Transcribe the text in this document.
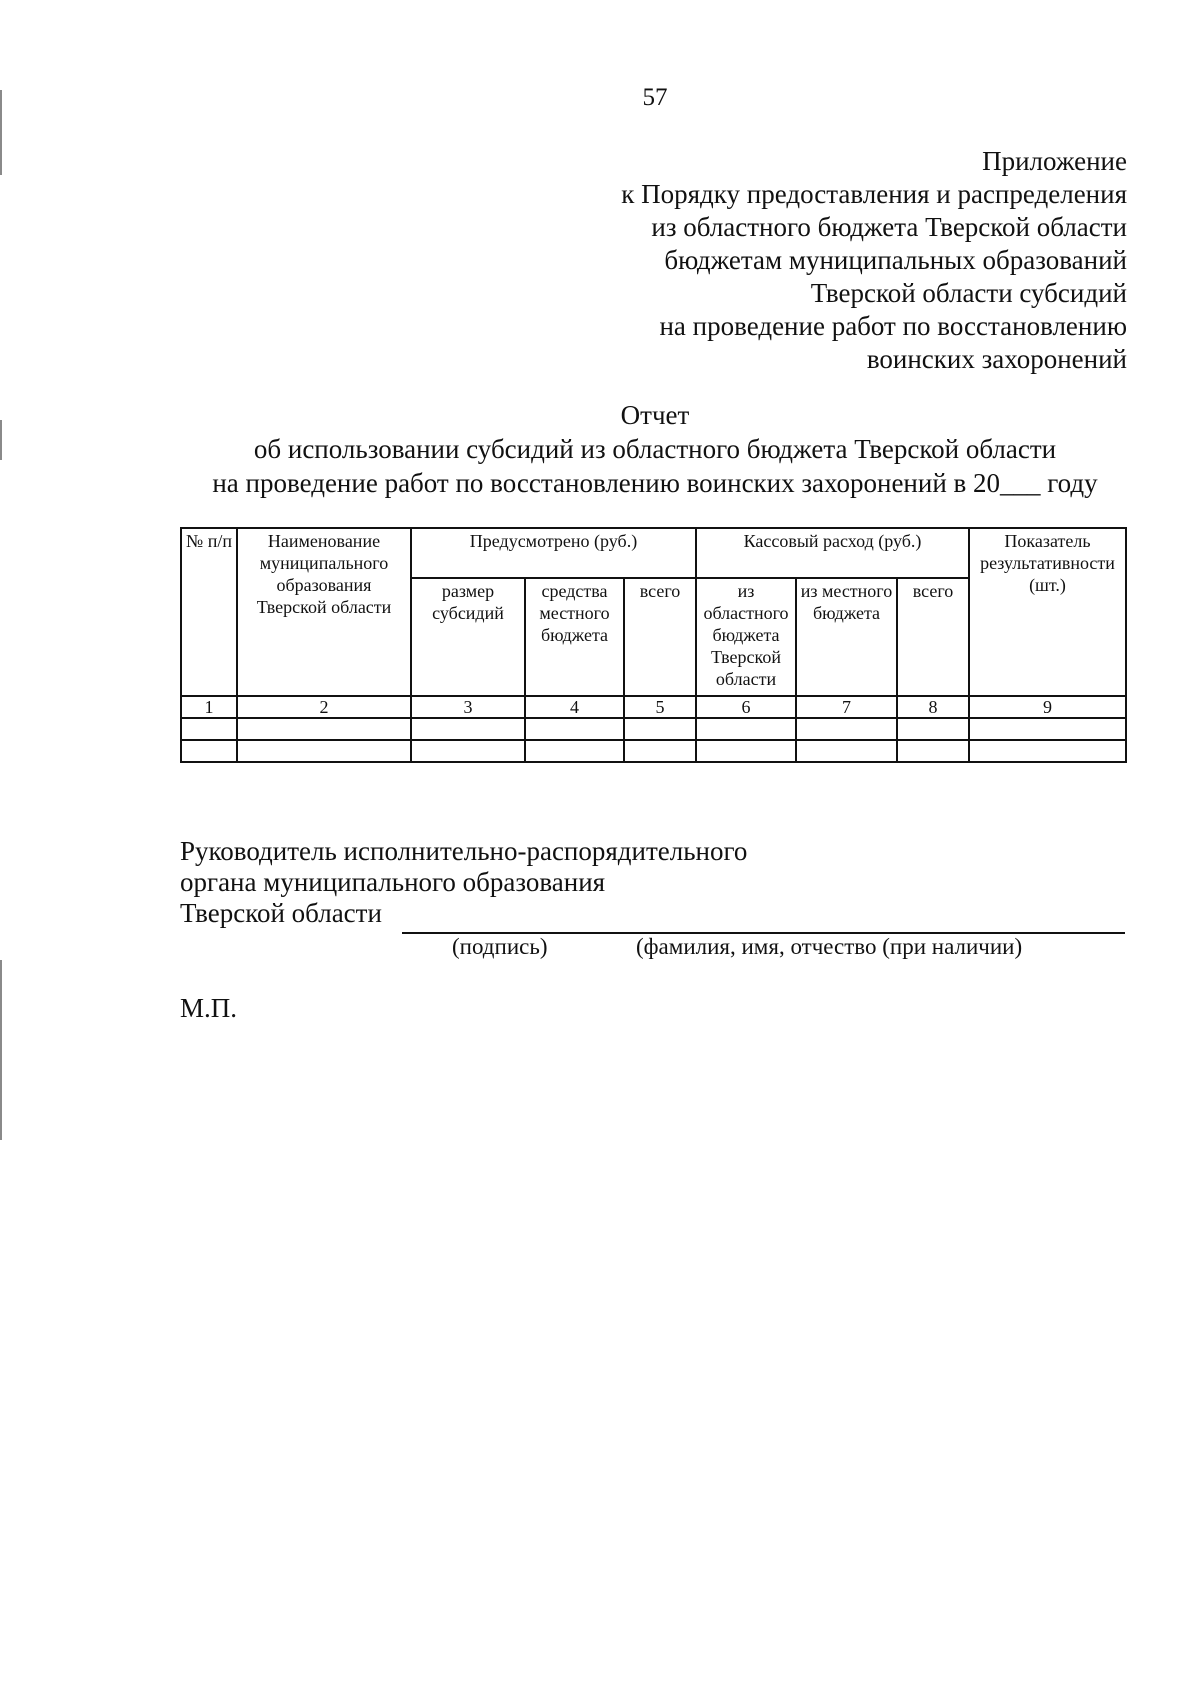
57
Приложение
к Порядку предоставления и распределения
из областного бюджета Тверской области
бюджетам муниципальных образований
Тверской области субсидий
на проведение работ по восстановлению
воинских захоронений
Отчет
об использовании субсидий из областного бюджета Тверской области
на проведение работ по восстановлению воинских захоронений в 20___ году
№ п/п	Наименование муниципального образования Тверской области	Предусмотрено (руб.)			Кассовый расход (руб.)			Показатель результативности (шт.)
		размер субсидий	средства местного бюджета	всего	из областного бюджета Тверской области	из местного бюджета	всего	
1	2	3	4	5	6	7	8	9

Руководитель исполнительно-распорядительного
органа муниципального образования
Тверской области
(подпись)	(фамилия, имя, отчество (при наличии)
М.П.
